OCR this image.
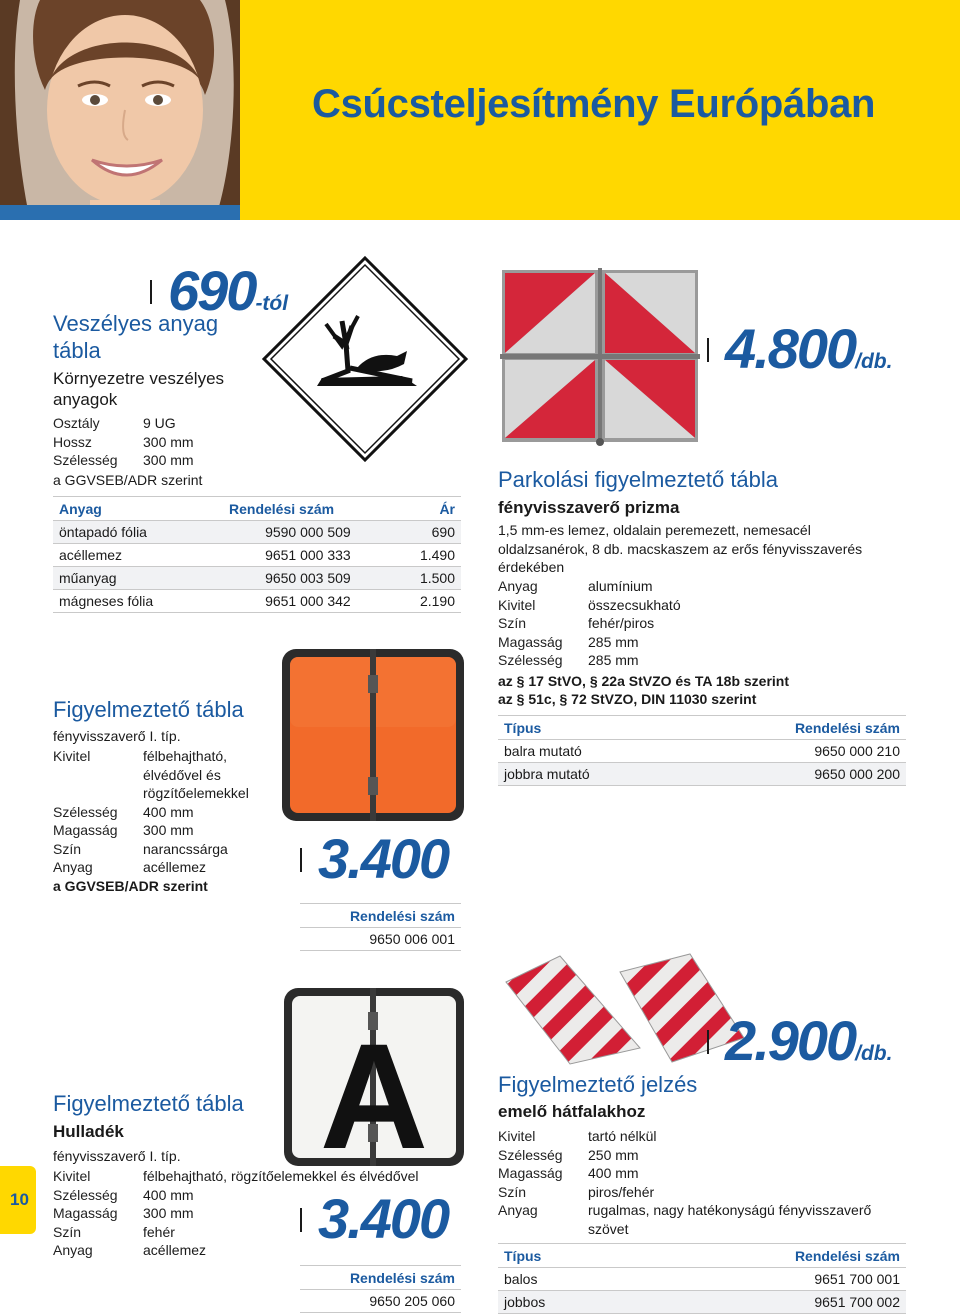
Csúcsteljesítmény Európában
690-tól
Veszélyes anyag
tábla
Környezetre veszélyes
anyagok
Osztály	9 UG
Hossz	300 mm
Szélesség	300 mm
a GGVSEB/ADR szerint
Anyag	Rendelési szám	Ár
öntapadó fólia	9590 000 509	690
acéllemez	9651 000 333	1.490
műanyag	9650 003 509	1.500
mágneses fólia	9651 000 342	2.190
Figyelmeztető tábla
fényvisszaverő I. típ.
Kivitel	félbehajtható,
élvédővel és
rögzítőelemekkel
Szélesség	400 mm
Magasság	300 mm
Szín	narancssárga
Anyag	acéllemez
a GGVSEB/ADR szerint	3.400
Rendelési szám
9650 006 001
4.800/db.
Parkolási figyelmeztető tábla
fényvisszaverő prizma
1,5 mm-es lemez, oldalain peremezett, nemesacél
oldalzsanérok, 8 db. macskaszem az erős fényvisszaverés
érdekében
Anyag	alumínium
Kivitel	összecsukható
Szín	fehér/piros
Magasság	285 mm
Szélesség	285 mm
az § 17 StVO, § 22a StVZO és TA 18b szerint
az § 51c, § 72 StVZO, DIN 11030 szerint
Típus	Rendelési szám
balra mutató	9650 000 210
jobbra mutató	9650 000 200
A
Figyelmeztető tábla
Hulladék
fényvisszaverő I. típ.
Kivitel	félbehajtható, rögzítőelemekkel és élvédővel
Szélesség	400 mm
Magasság	300 mm
Szín	fehér
Anyag	acéllemez	3.400
Rendelési szám
9650 205 060
2.900/db.
Figyelmeztető jelzés
emelő hátfalakhoz
Kivitel	tartó nélkül
Szélesség	250 mm
Magasság	400 mm
Szín	piros/fehér
Anyag	rugalmas, nagy hatékonyságú fényvisszaverő
szövet
Típus	Rendelési szám
balos	9651 700 001
jobbos	9651 700 002
10
